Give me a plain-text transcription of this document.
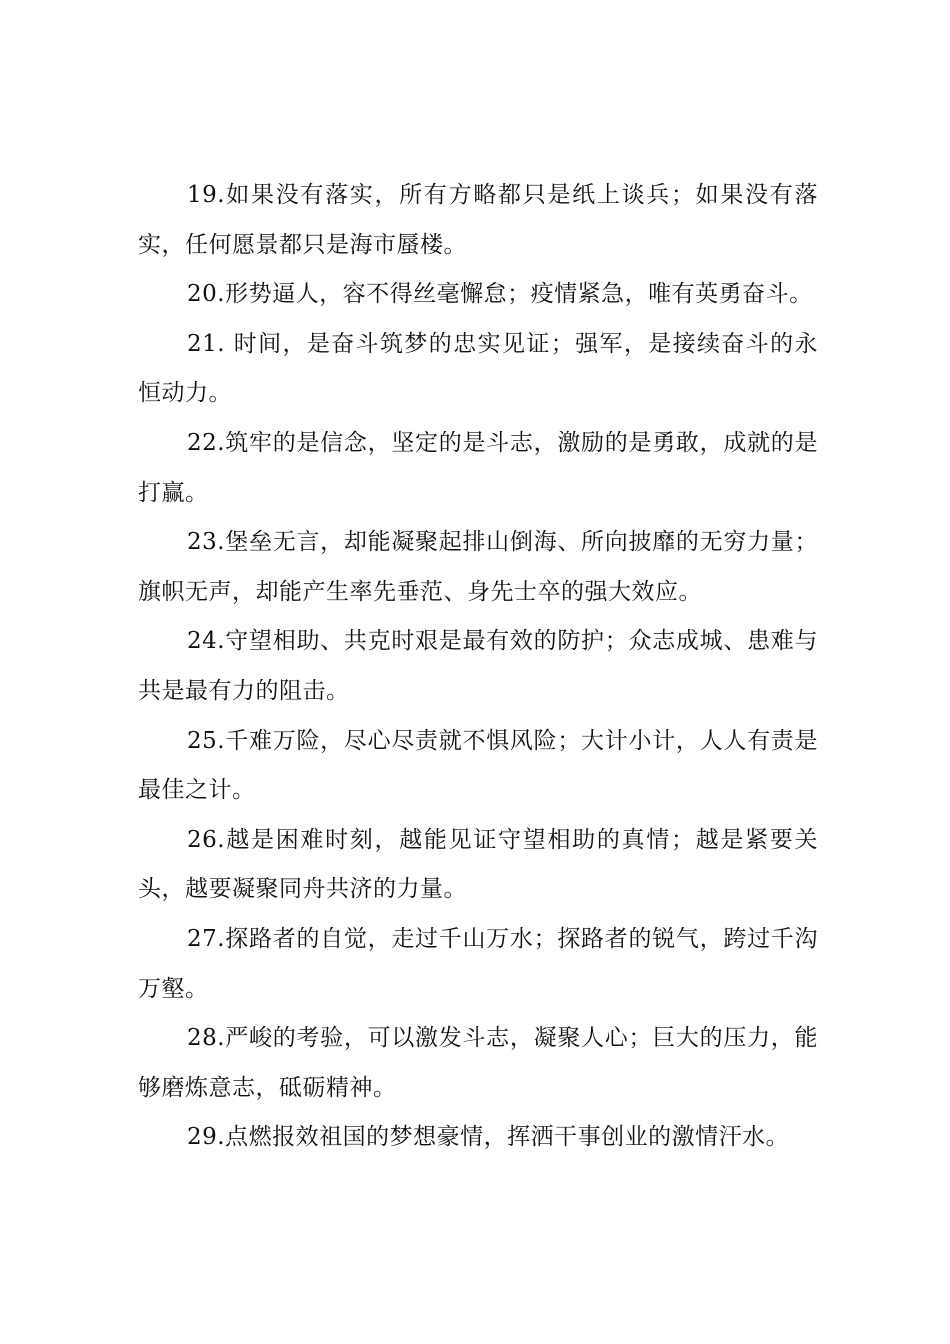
19.如果没有落实，所有方略都只是纸上谈兵；如果没有落实，任何愿景都只是海市蜃楼。

20.形势逼人，容不得丝毫懈怠；疫情紧急，唯有英勇奋斗。

21. 时间，是奋斗筑梦的忠实见证；强军，是接续奋斗的永恒动力。

22.筑牢的是信念，坚定的是斗志，激励的是勇敢，成就的是打赢。

23.堡垒无言，却能凝聚起排山倒海、所向披靡的无穷力量；旗帜无声，却能产生率先垂范、身先士卒的强大效应。

24.守望相助、共克时艰是最有效的防护；众志成城、患难与共是最有力的阻击。

25.千难万险，尽心尽责就不惧风险；大计小计，人人有责是最佳之计。

26.越是困难时刻，越能见证守望相助的真情；越是紧要关头，越要凝聚同舟共济的力量。

27.探路者的自觉，走过千山万水；探路者的锐气，跨过千沟万壑。

28.严峻的考验，可以激发斗志，凝聚人心；巨大的压力，能够磨炼意志，砥砺精神。

29.点燃报效祖国的梦想豪情，挥洒干事创业的激情汗水。
